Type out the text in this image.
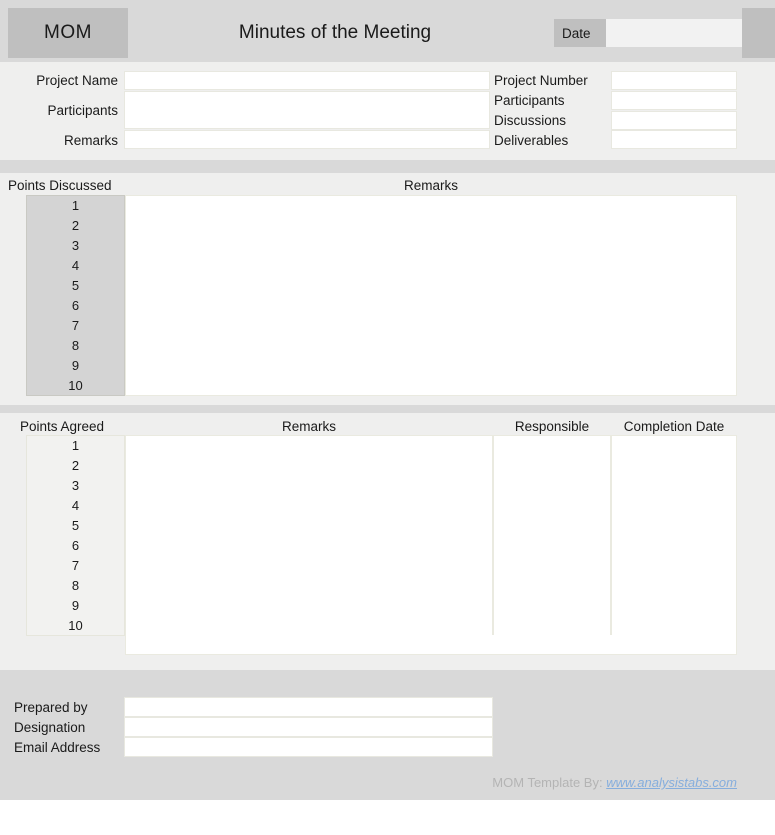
MOM	Minutes of the Meeting	Date
Project Name
Participants
Remarks
Project Number
Participants
Discussions
Deliverables
Points Discussed	Remarks
1
2
3
4
5
6
7
8
9
10
Points Agreed	Remarks	Responsible	Completion Date
1
2
3
4
5
6
7
8
9
10
Prepared by
Designation
Email Address
MOM Template By: www.analysistabs.com
